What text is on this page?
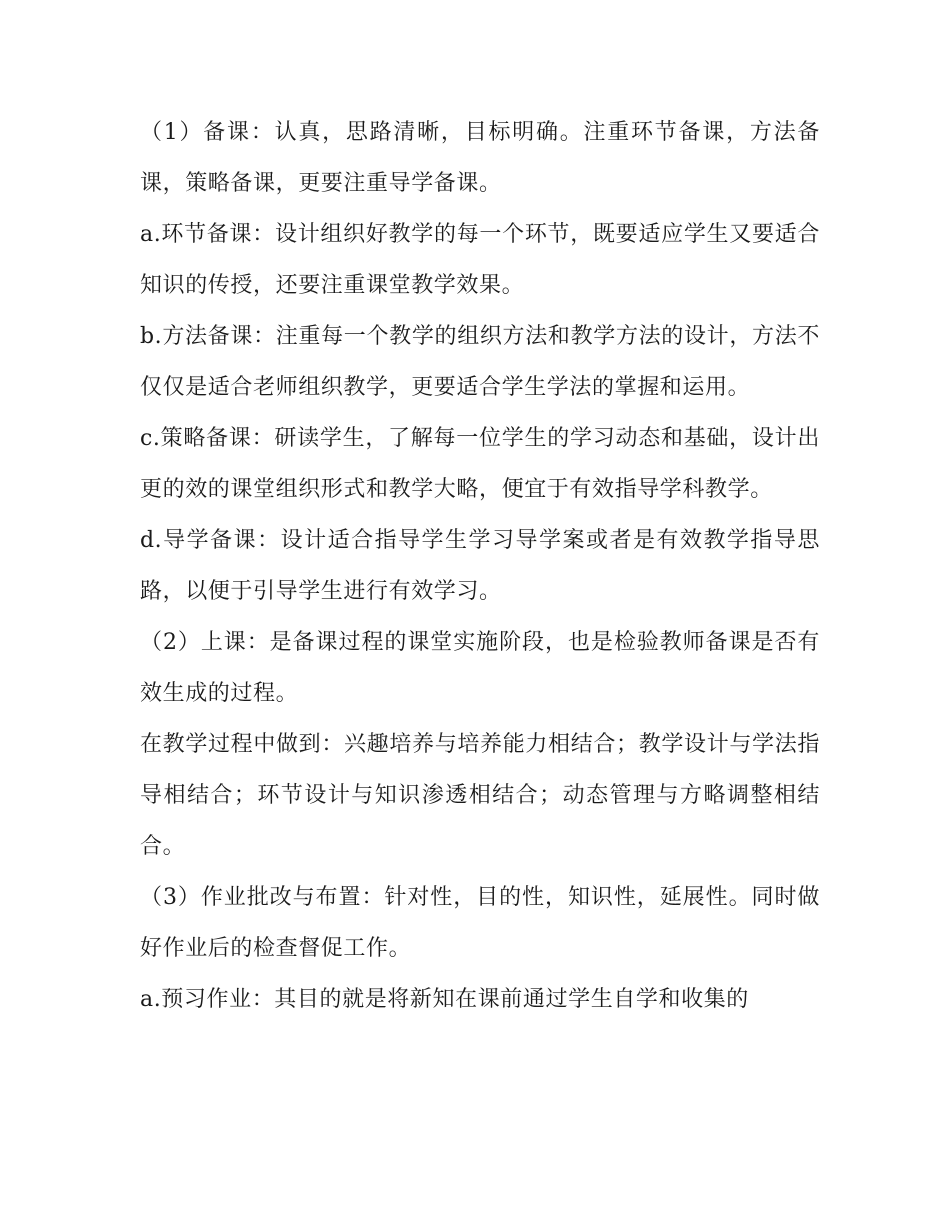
（1）备课：认真，思路清晰，目标明确。注重环节备课，方法备课，策略备课，更要注重导学备课。

a.环节备课：设计组织好教学的每一个环节，既要适应学生又要适合知识的传授，还要注重课堂教学效果。

b.方法备课：注重每一个教学的组织方法和教学方法的设计，方法不仅仅是适合老师组织教学，更要适合学生学法的掌握和运用。

c.策略备课：研读学生，了解每一位学生的学习动态和基础，设计出更的效的课堂组织形式和教学大略，便宜于有效指导学科教学。

d.导学备课：设计适合指导学生学习导学案或者是有效教学指导思路，以便于引导学生进行有效学习。

（2）上课：是备课过程的课堂实施阶段，也是检验教师备课是否有效生成的过程。

在教学过程中做到：兴趣培养与培养能力相结合；教学设计与学法指导相结合；环节设计与知识渗透相结合；动态管理与方略调整相结合。

（3）作业批改与布置：针对性，目的性，知识性，延展性。同时做好作业后的检查督促工作。

a.预习作业：其目的就是将新知在课前通过学生自学和收集的
